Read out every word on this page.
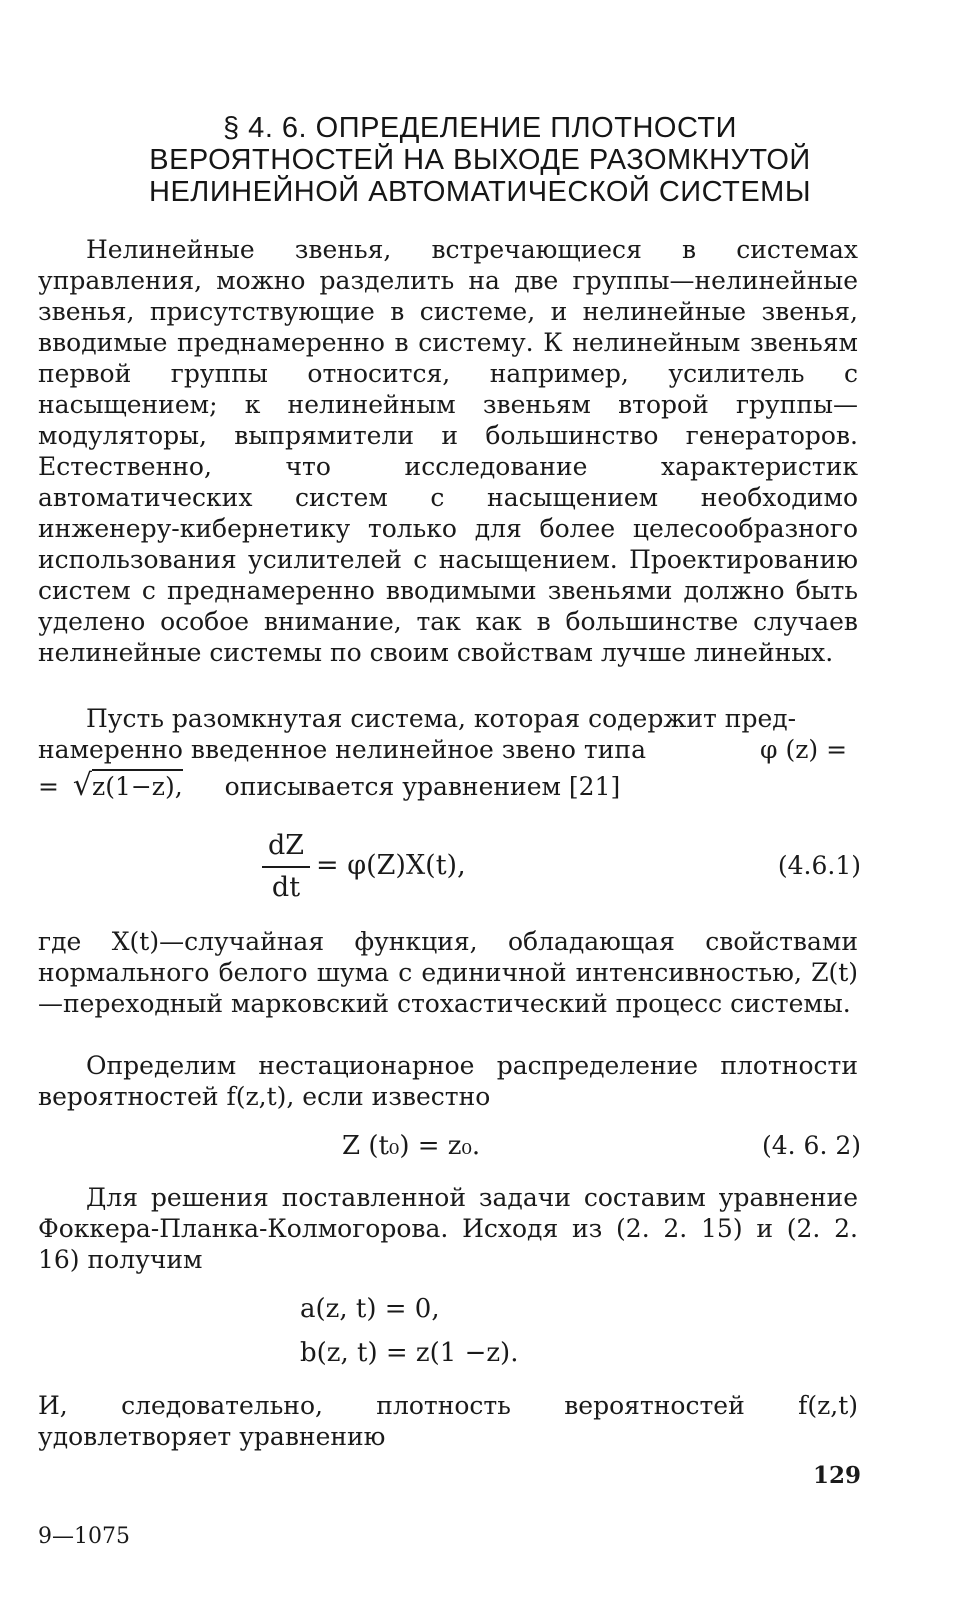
§ 4. 6. ОПРЕДЕЛЕНИЕ ПЛОТНОСТИ
ВЕРОЯТНОСТЕЙ НА ВЫХОДЕ РАЗОМКНУТОЙ
НЕЛИНЕЙНОЙ АВТОМАТИЧЕСКОЙ СИСТЕМЫ
Нелинейные звенья, встречающиеся в системах управления, можно разделить на две группы—нелинейные звенья, присутствующие в системе, и нелинейные звенья, вводимые преднамеренно в систему. К нелинейным звеньям первой группы относится, например, усилитель с насыщением; к нелинейным звеньям второй группы—модуляторы, выпрямители и большинство генераторов. Естественно, что исследование характеристик автоматических систем с насыщением необходимо инженеру-кибернетику только для более целесообразного использования усилителей с насыщением. Проектированию систем с преднамеренно вводимыми звеньями должно быть уделено особое внимание, так как в большинстве случаев нелинейные системы по своим свойствам лучше линейных.
Пусть разомкнутая система, которая содержит пред-
намеренно введенное нелинейное звено типа	φ (z) =
= √z(1−z), описывается уравнением [21]
dZ
dt
= φ(Z)X(t),	(4.6.1)
где X(t)—случайная функция, обладающая свойствами нормального белого шума с единичной интенсивностью, Z(t)—переходный марковский стохастический процесс системы.
Определим нестационарное распределение плотности вероятностей f(z,t), если известно
Z (t₀) = z₀.	(4. 6. 2)
Для решения поставленной задачи составим уравнение Фоккера-Планка-Колмогорова. Исходя из (2. 2. 15) и (2. 2. 16) получим
a(z, t) = 0,
b(z, t) = z(1 −z).
И, следовательно, плотность вероятностей f(z,t) удовлетворяет уравнению
129
9—1075
